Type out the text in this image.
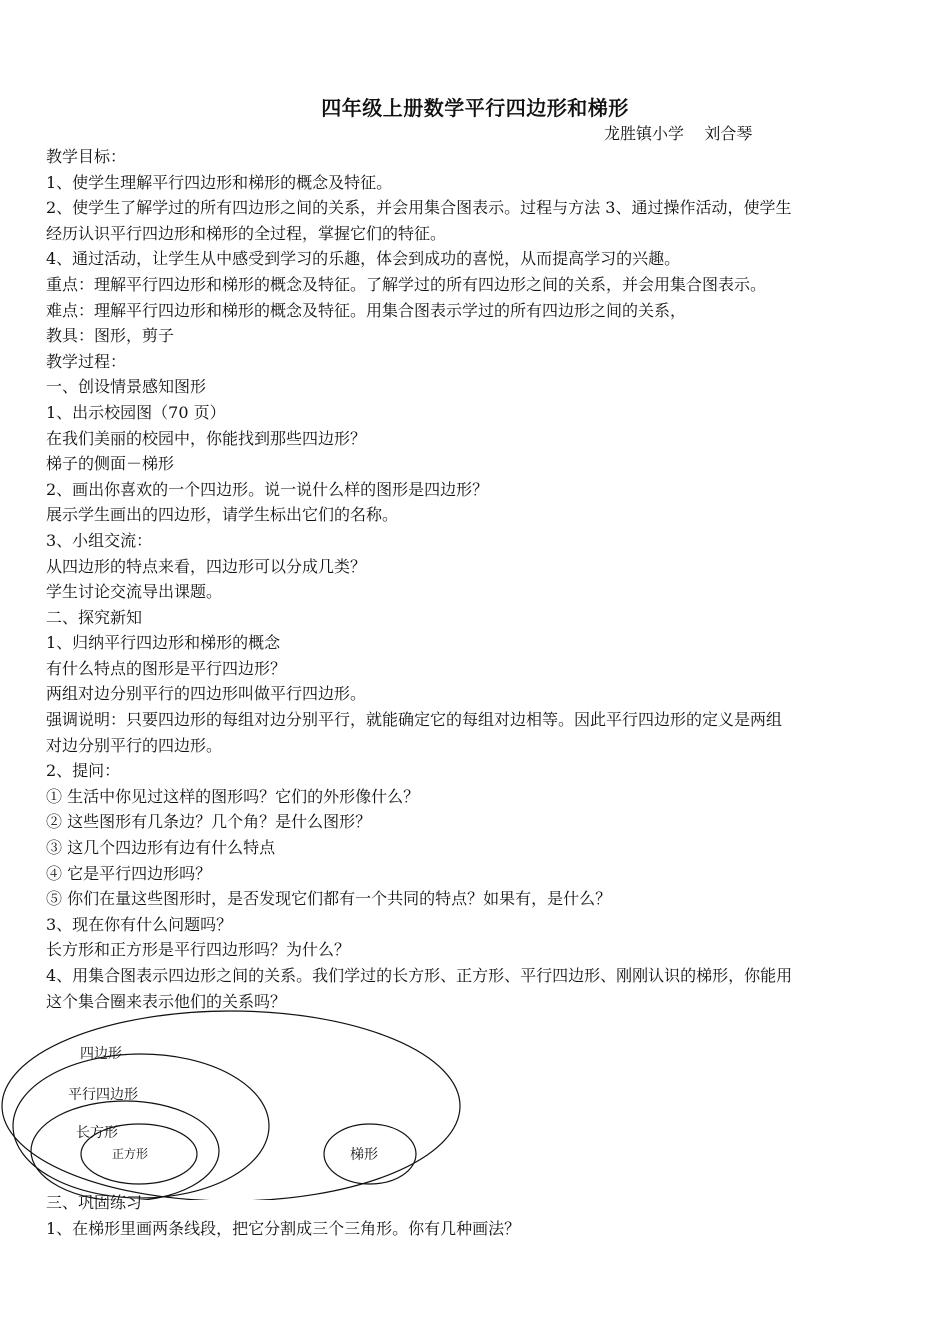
四年级上册数学平行四边形和梯形
龙胜镇小学    刘合琴
教学目标：
1、使学生理解平行四边形和梯形的概念及特征。
2、使学生了解学过的所有四边形之间的关系，并会用集合图表示。过程与方法 3、通过操作活动，使学生
经历认识平行四边形和梯形的全过程，掌握它们的特征。
4、通过活动，让学生从中感受到学习的乐趣，体会到成功的喜悦，从而提高学习的兴趣。
重点：理解平行四边形和梯形的概念及特征。了解学过的所有四边形之间的关系，并会用集合图表示。
难点：理解平行四边形和梯形的概念及特征。用集合图表示学过的所有四边形之间的关系，
教具：图形，剪子
教学过程：
一、创设情景感知图形
1、出示校园图（70 页）
在我们美丽的校园中，你能找到那些四边形？
梯子的侧面－梯形
2、画出你喜欢的一个四边形。说一说什么样的图形是四边形？
展示学生画出的四边形，请学生标出它们的名称。
3、小组交流：
从四边形的特点来看，四边形可以分成几类？
学生讨论交流导出课题。
二、探究新知
1、归纳平行四边形和梯形的概念
有什么特点的图形是平行四边形？
两组对边分别平行的四边形叫做平行四边形。
强调说明：只要四边形的每组对边分别平行，就能确定它的每组对边相等。因此平行四边形的定义是两组
对边分别平行的四边形。
2、提问：
① 生活中你见过这样的图形吗？它们的外形像什么？
② 这些图形有几条边？几个角？是什么图形？
③ 这几个四边形有边有什么特点
④ 它是平行四边形吗？
⑤ 你们在量这些图形时，是否发现它们都有一个共同的特点？如果有，是什么？
3、现在你有什么问题吗？
长方形和正方形是平行四边形吗？为什么？
4、用集合图表示四边形之间的关系。我们学过的长方形、正方形、平行四边形、刚刚认识的梯形，你能用
这个集合圈来表示他们的关系吗？
四边形
平行四边形
长方形
正方形	梯形
三、巩固练习
1、在梯形里画两条线段，把它分割成三个三角形。你有几种画法？
